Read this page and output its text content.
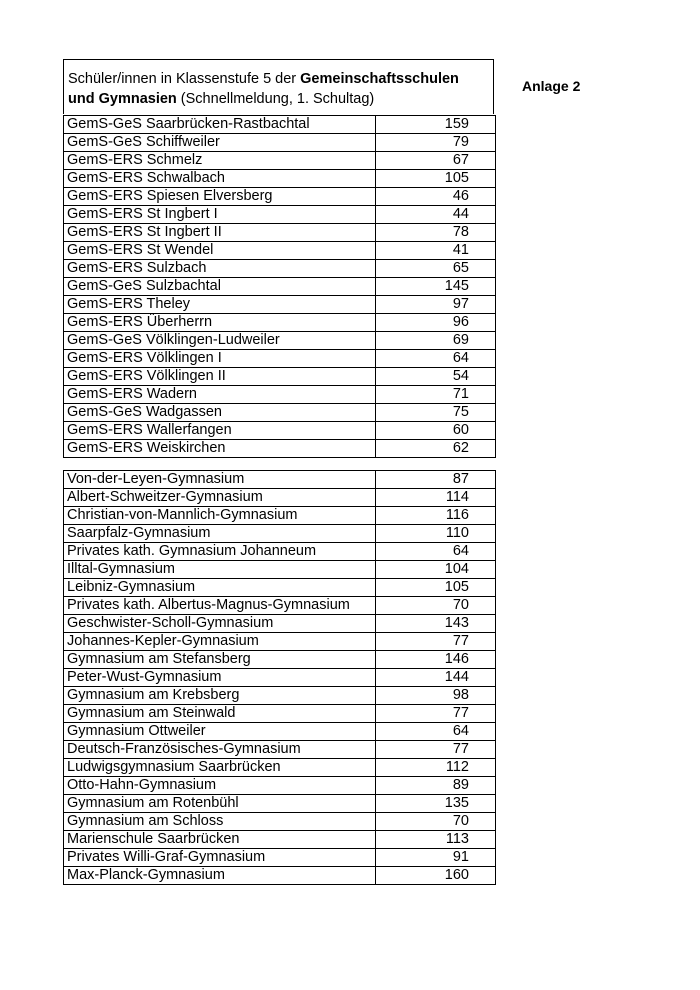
Schüler/innen in Klassenstufe 5 der Gemeinschaftsschulen
und Gymnasien (Schnellmeldung, 1. Schultag)
Anlage 2
GemS-GeS Saarbrücken-Rastbachtal	159
GemS-GeS Schiffweiler	79
GemS-ERS Schmelz	67
GemS-ERS Schwalbach	105
GemS-ERS Spiesen Elversberg	46
GemS-ERS St Ingbert I	44
GemS-ERS St Ingbert II	78
GemS-ERS St Wendel	41
GemS-ERS Sulzbach	65
GemS-GeS Sulzbachtal	145
GemS-ERS Theley	97
GemS-ERS Überherrn	96
GemS-GeS Völklingen-Ludweiler	69
GemS-ERS Völklingen I	64
GemS-ERS Völklingen II	54
GemS-ERS Wadern	71
GemS-GeS Wadgassen	75
GemS-ERS Wallerfangen	60
GemS-ERS Weiskirchen	62
Von-der-Leyen-Gymnasium	87
Albert-Schweitzer-Gymnasium	114
Christian-von-Mannlich-Gymnasium	116
Saarpfalz-Gymnasium	110
Privates kath. Gymnasium Johanneum	64
Illtal-Gymnasium	104
Leibniz-Gymnasium	105
Privates kath. Albertus-Magnus-Gymnasium	70
Geschwister-Scholl-Gymnasium	143
Johannes-Kepler-Gymnasium	77
Gymnasium am Stefansberg	146
Peter-Wust-Gymnasium	144
Gymnasium am Krebsberg	98
Gymnasium am Steinwald	77
Gymnasium Ottweiler	64
Deutsch-Französisches-Gymnasium	77
Ludwigsgymnasium Saarbrücken	112
Otto-Hahn-Gymnasium	89
Gymnasium am Rotenbühl	135
Gymnasium am Schloss	70
Marienschule Saarbrücken	113
Privates Willi-Graf-Gymnasium	91
Max-Planck-Gymnasium	160
